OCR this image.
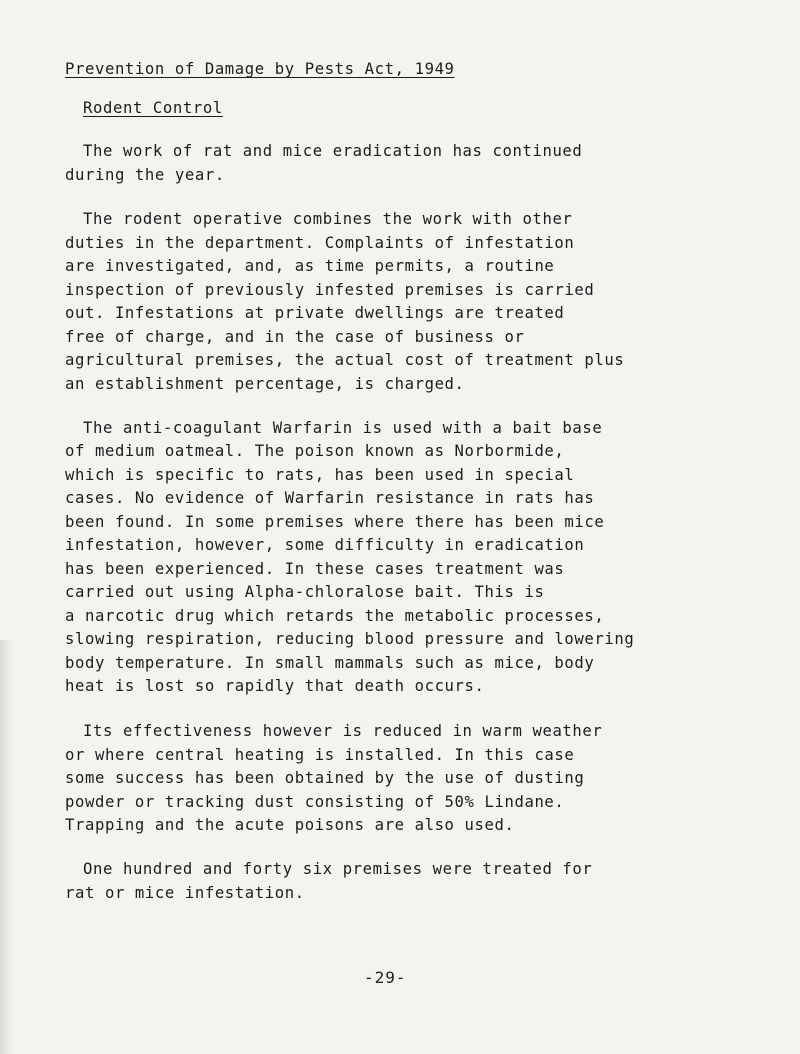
Prevention of Damage by Pests Act, 1949
Rodent Control
The work of rat and mice eradication has continued
during the year.
The rodent operative combines the work with other
duties in the department. Complaints of infestation
are investigated, and, as time permits, a routine
inspection of previously infested premises is carried
out. Infestations at private dwellings are treated
free of charge, and in the case of business or
agricultural premises, the actual cost of treatment plus
an establishment percentage, is charged.
The anti-coagulant Warfarin is used with a bait base
of medium oatmeal. The poison known as Norbormide,
which is specific to rats, has been used in special
cases. No evidence of Warfarin resistance in rats has
been found. In some premises where there has been mice
infestation, however, some difficulty in eradication
has been experienced. In these cases treatment was
carried out using Alpha-chloralose bait. This is
a narcotic drug which retards the metabolic processes,
slowing respiration, reducing blood pressure and lowering
body temperature. In small mammals such as mice, body
heat is lost so rapidly that death occurs.
Its effectiveness however is reduced in warm weather
or where central heating is installed. In this case
some success has been obtained by the use of dusting
powder or tracking dust consisting of 50% Lindane.
Trapping and the acute poisons are also used.
One hundred and forty six premises were treated for
rat or mice infestation.
-29-
